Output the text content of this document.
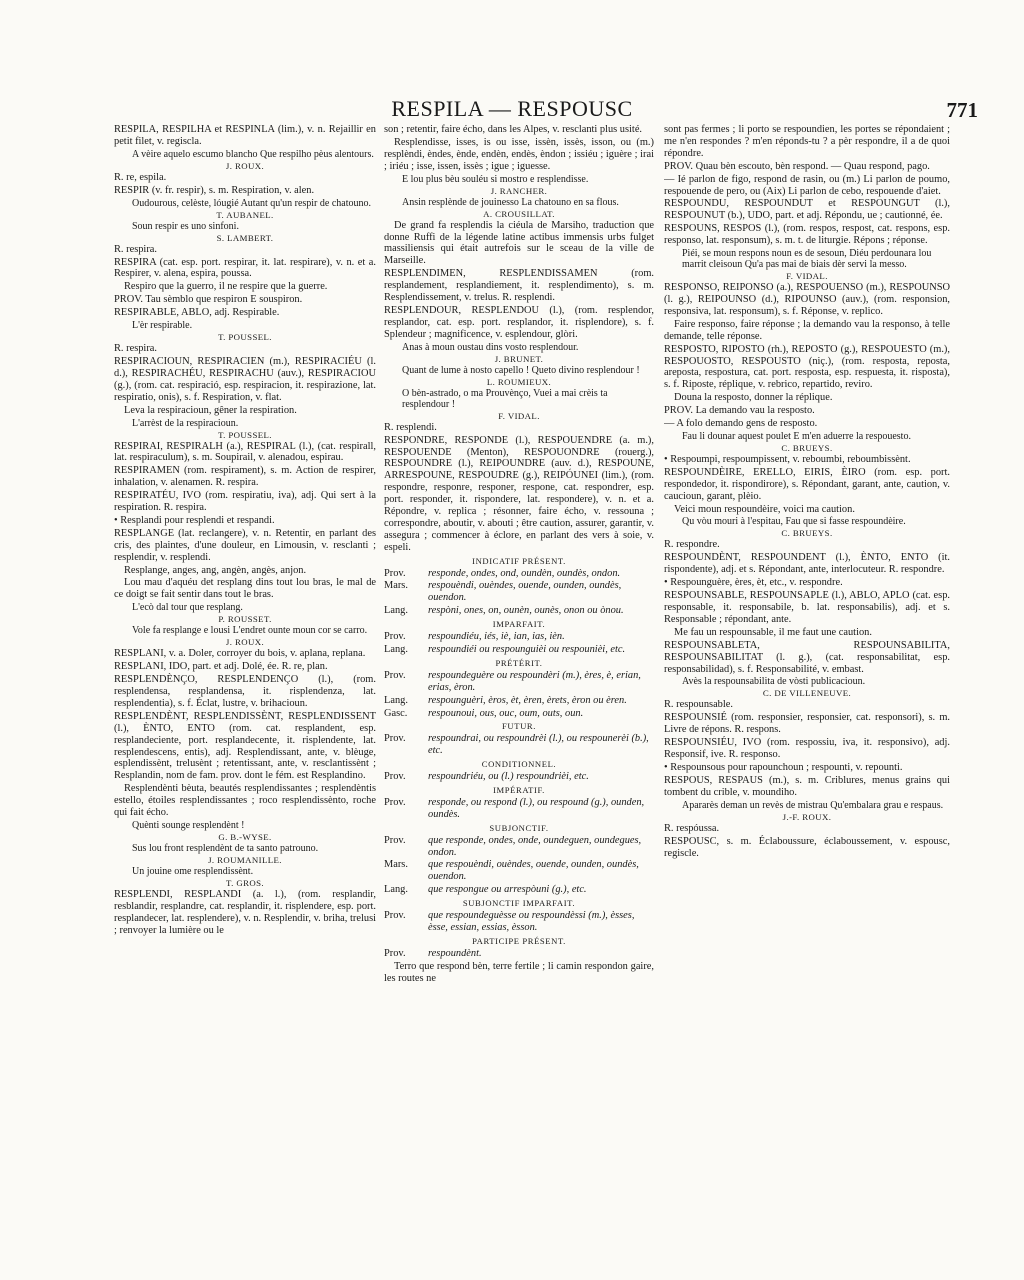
RESPILA — RESPOUSC	771

RESPILA, RESPILHA et RESPINLA (lim.), v. n. Rejaillir en petit filet, v. regiscla.

A vèire aquelo escumo blancho Que respilho pèus alentours.

J. ROUX.

R. re, espila.

RESPIR (v. fr. respir), s. m. Respiration, v. alen.

Oudourous, celèste, lóugié Autant qu'un respir de chatouno.

T. AUBANEL.

Soun respir es uno sinfoni.

S. LAMBERT.

R. respira.

RESPIRA (cat. esp. port. respirar, it. lat. respirare), v. n. et a. Respirer, v. alena, espira, poussa.

Respiro que la guerro, il ne respire que la guerre.

PROV. Tau sèmblo que respiron E souspiron.

RESPIRABLE, ABLO, adj. Respirable.

L'èr respirable.

T. POUSSEL.

R. respira.

RESPIRACIOUN, RESPIRACIEN (m.), RESPIRACIÉU (l. d.), RESPIRACHÉU, RESPIRACHU (auv.), RESPIRACIOU (g.), (rom. cat. respiració, esp. respiracion, it. respirazione, lat. respiratio, onis), s. f. Respiration, v. flat.

Leva la respiracioun, gêner la respiration.

L'arrèst de la respiracioun.

T. POUSSEL.

RESPIRAI, RESPIRALH (a.), RESPIRAL (l.), (cat. respirall, lat. respiraculum), s. m. Soupirail, v. alenadou, espirau.

RESPIRAMEN (rom. respirament), s. m. Action de respirer, inhalation, v. alenamen. R. respira.

RESPIRATÉU, IVO (rom. respiratiu, iva), adj. Qui sert à la respiration. R. respira.

• Resplandi pour resplendi et respandi.

RESPLANGE (lat. reclangere), v. n. Retentir, en parlant des cris, des plaintes, d'une douleur, en Limousin, v. resclanti ; resplendir, v. resplendi.

Resplange, anges, ang, angèn, angès, anjon.

Lou mau d'aquéu det resplang dins tout lou bras, le mal de ce doigt se fait sentir dans tout le bras.

L'ecò dal tour que resplang.

P. ROUSSET.

Vole fa resplange e lousi L'endret ounte moun cor se carro.

J. ROUX.

RESPLANI, v. a. Doler, corroyer du bois, v. aplana, replana.

RESPLANI, IDO, part. et adj. Dolé, ée. R. re, plan.

RESPLENDÈNÇO, RESPLENDENÇO (l.), (rom. resplendensa, resplandensa, it. risplendenza, lat. resplendentia), s. f. Éclat, lustre, v. brihacioun.

RESPLENDÈNT, RESPLENDISSÈNT, RESPLENDISSENT (l.), ÈNTO, ENTO (rom. cat. resplandent, esp. resplandeciente, port. resplandecente, it. risplendente, lat. resplendescens, entis), adj. Resplendissant, ante, v. blèuge, esplendissènt, trelusènt ; retentissant, ante, v. resclantissènt ; Resplandin, nom de fam. prov. dont le fém. est Resplandino.

Resplendènti bèuta, beautés resplendissantes ; resplendèntis estello, étoiles resplendissantes ; roco resplendissènto, roche qui fait écho.

Quènti sounge resplendènt !

G. B.-WYSE.

Sus lou front resplendènt de ta santo patrouno.

J. ROUMANILLE.

Un jouine ome resplendissènt.

T. GROS.

RESPLENDI, RESPLANDI (a. l.), (rom. resplandir, resblandir, resplandre, cat. resplandir, it. risplendere, esp. port. resplandecer, lat. resplendere), v. n. Resplendir, v. briha, trelusi ; renvoyer la lumière ou le

son ; retentir, faire écho, dans les Alpes, v. resclanti plus usité.

Resplendisse, isses, is ou isse, issèn, issès, isson, ou (m.) resplèndi, èndes, ènde, endèn, endès, èndon ; issiéu ; iguère ; irai ; iriéu ; isse, issen, issès ; igue ; iguesse.

E lou plus bèu souléu si mostro e resplendisse.

J. RANCHER.

Ansin resplènde de jouinesso La chatouno en sa flous.

A. CROUSILLAT.

De grand fa resplendis la ciéula de Marsiho, traduction que donne Ruffi de la légende latine actibus immensis urbs fulget massiliensis qui était autrefois sur le sceau de la ville de Marseille.

RESPLENDIMEN, RESPLENDISSAMEN (rom. resplandement, resplandiement, it. resplendimento), s. m. Resplendissement, v. trelus. R. resplendi.

RESPLENDOUR, RESPLENDOU (l.), (rom. resplendor, resplandor, cat. esp. port. resplandor, it. risplendore), s. f. Splendeur ; magnificence, v. esplendour, glòri.

Anas à moun oustau dins vosto resplendour.

J. BRUNET.

Quant de lume à nosto capello ! Queto divino resplendour !

L. ROUMIEUX.

O bèn-astrado, o ma Prouvènço, Vuei a mai crèis ta resplendour !

F. VIDAL.

R. resplendi.

RESPONDRE, RESPONDE (l.), RESPOUENDRE (a. m.), RESPOUENDE (Menton), RESPOUONDRE (rouerg.), RESPOUNDRE (l.), REIPOUNDRE (auv. d.), RESPOUNE, ARRESPOUNE, RESPOUDRE (g.), REIPÓUNEI (lim.), (rom. respondre, responre, responer, respone, cat. respondrer, esp. port. responder, it. rispondere, lat. respondere), v. n. et a. Répondre, v. replica ; résonner, faire écho, v. ressouna ; correspondre, aboutir, v. abouti ; être caution, assurer, garantir, v. assegura ; commencer à éclore, en parlant des vers à soie, v. espeli.

INDICATIF PRÉSENT.

Prov.	responde, ondes, ond, oundèn, oundès, ondon.
Mars.	respouèndi, ouèndes, ouende, ounden, oundès, ouendon.
Lang.	respòni, ones, on, ounèn, ounès, onon ou ònou.

IMPARFAIT.

Prov.	respoundiéu, iés, iè, ian, ias, ièn.
Lang.	respoundiéi ou respounguièi ou respounièi, etc.

PRÉTÉRIT.

Prov.	respoundeguère ou respoundèri (m.), ères, è, erian, erias, èron.
Lang.	respounguèri, èros, èt, èren, èrets, èron ou èren.
Gasc.	respounoui, ous, ouc, oum, outs, oun.

FUTUR.

Prov.	respoundrai, ou respoundrèi (l.), ou respounerèi (b.), etc.

CONDITIONNEL.

Prov.	respoundriéu, ou (l.) respoundrièi, etc.

IMPÉRATIF.

Prov.	responde, ou respond (l.), ou respound (g.), ounden, oundès.

SUBJONCTIF.

Prov.	que responde, ondes, onde, oundeguen, oundegues, ondon.
Mars.	que respouèndi, ouèndes, ouende, ounden, oundès, ouendon.
Lang.	que respongue ou arrespòuni (g.), etc.

SUBJONCTIF IMPARFAIT.

Prov.	que respoundeguèsse ou respoundèssi (m.), èsses, èsse, essian, essias, èsson.

PARTICIPE PRÉSENT.

Prov.	respoundènt.

Terro que respond bèn, terre fertile ; li camin respondon gaire, les routes ne

sont pas fermes ; li porto se respoundien, les portes se répondaient ; me n'en respondes ? m'en réponds-tu ? a pèr respondre, il a de quoi répondre.

PROV. Quau bèn escouto, bèn respond. — Quau respond, pago.

— Ié parlon de figo, respond de rasin, ou (m.) Li parlon de poumo, respouende de pero, ou (Aix) Li parlon de cebo, respouende d'aiet.

RESPOUNDU, RESPOUNDUT et RESPOUNGUT (l.), RESPOUNUT (b.), UDO, part. et adj. Répondu, ue ; cautionné, ée.

RESPOUNS, RESPOS (l.), (rom. respos, respost, cat. respons, esp. responso, lat. responsum), s. m. t. de liturgie. Répons ; réponse.

Piéi, se moun respons noun es de sesoun, Diéu perdounara lou marrit cleisoun Qu'a pas mai de biais dèr servi la messo.

F. VIDAL.

RESPONSO, REIPONSO (a.), RESPOUENSO (m.), RESPOUNSO (l. g.), REIPOUNSO (d.), RIPOUNSO (auv.), (rom. responsion, responsiva, lat. responsum), s. f. Réponse, v. replico.

Faire responso, faire réponse ; la demando vau la responso, à telle demande, telle réponse.

RESPOSTO, RIPOSTO (rh.), REPOSTO (g.), RESPOUESTO (m.), RESPOUOSTO, RESPOUSTO (niç.), (rom. resposta, reposta, areposta, respostura, cat. port. resposta, esp. respuesta, it. risposta), s. f. Riposte, réplique, v. rebrico, repartido, reviro.

Douna la resposto, donner la réplique.

PROV. La demando vau la resposto.

— A folo demando gens de resposto.

Fau li dounar aquest poulet E m'en aduerre la respouesto.

C. BRUEYS.

• Respoumpi, respoumpissent, v. reboumbi, reboumbissènt.

RESPOUNDÈIRE, ERELLO, EIRIS, ÈIRO (rom. esp. port. respondedor, it. rispondirore), s. Répondant, garant, ante, caution, v. caucioun, garant, plèio.

Veici moun respoundèire, voici ma caution.

Qu vòu mouri à l'espitau, Fau que si fasse respoundèire.

C. BRUEYS.

R. respondre.

RESPOUNDÈNT, RESPOUNDENT (l.), ÈNTO, ENTO (it. rispondente), adj. et s. Répondant, ante, interlocuteur. R. respondre.

• Respounguère, ères, èt, etc., v. respondre.

RESPOUNSABLE, RESPOUNSAPLE (l.), ABLO, APLO (cat. esp. responsable, it. responsabile, b. lat. responsabilis), adj. et s. Responsable ; répondant, ante.

Me fau un respounsable, il me faut une caution.

RESPOUNSABLETA, RESPOUNSABILITA, RESPOUNSABILITAT (l. g.), (cat. responsabilitat, esp. responsabilidad), s. f. Responsabilité, v. embast.

Avès la respounsabilita de vòsti publicacioun.

C. DE VILLENEUVE.

R. respounsable.

RESPOUNSIÉ (rom. responsier, responsier, cat. responsori), s. m. Livre de répons. R. respons.

RESPOUNSIÉU, IVO (rom. respossiu, iva, it. responsivo), adj. Responsif, ive. R. responso.

• Respounsous pour rapounchoun ; respounti, v. repounti.

RESPOUS, RESPAUS (m.), s. m. Criblures, menus grains qui tombent du crible, v. moundiho.

Apararès deman un revès de mistrau Qu'embalara grau e respaus.

J.-F. ROUX.

R. respóussa.

RESPOUSC, s. m. Éclaboussure, éclaboussement, v. espousc, regiscle.
